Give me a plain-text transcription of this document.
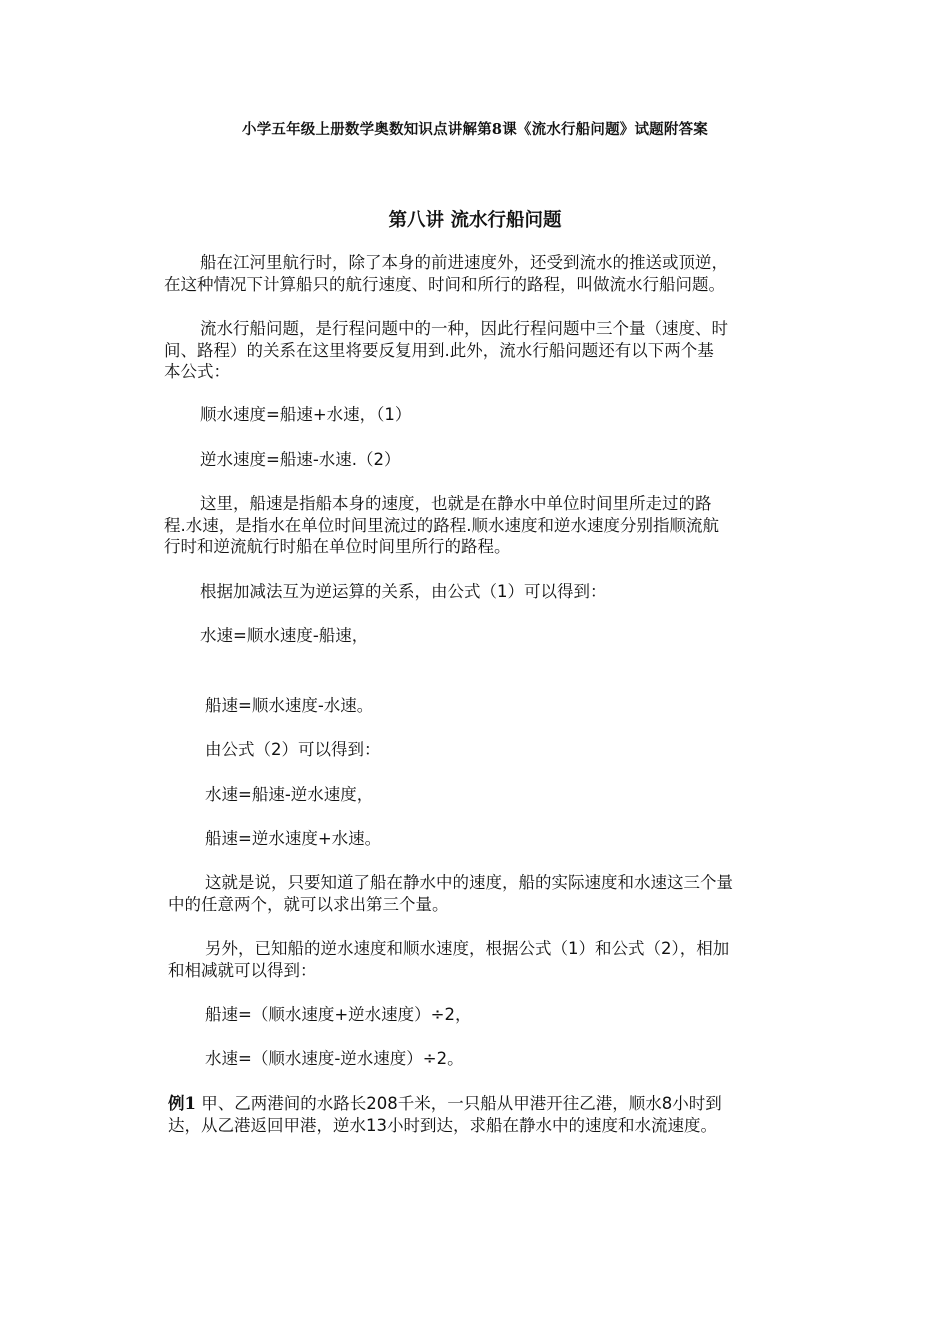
小学五年级上册数学奥数知识点讲解第8课《流水行船问题》试题附答案
第八讲 流水行船问题

船在江河里航行时，除了本身的前进速度外，还受到流水的推送或顶逆，
在这种情况下计算船只的航行速度、时间和所行的路程，叫做流水行船问题。

流水行船问题，是行程问题中的一种，因此行程问题中三个量（速度、时
间、路程）的关系在这里将要反复用到.此外，流水行船问题还有以下两个基
本公式：

顺水速度=船速+水速，（1）

逆水速度=船速-水速.（2）

这里，船速是指船本身的速度，也就是在静水中单位时间里所走过的路
程.水速，是指水在单位时间里流过的路程.顺水速度和逆水速度分别指顺流航
行时和逆流航行时船在单位时间里所行的路程。

根据加减法互为逆运算的关系，由公式（1）可以得到：

水速=顺水速度-船速，

船速=顺水速度-水速。

由公式（2）可以得到：

水速=船速-逆水速度，

船速=逆水速度+水速。

这就是说，只要知道了船在静水中的速度，船的实际速度和水速这三个量
中的任意两个，就可以求出第三个量。

另外，已知船的逆水速度和顺水速度，根据公式（1）和公式（2），相加
和相减就可以得到：

船速=（顺水速度+逆水速度）÷2，

水速=（顺水速度-逆水速度）÷2。

例1 甲、乙两港间的水路长208千米，一只船从甲港开往乙港，顺水8小时到
达，从乙港返回甲港，逆水13小时到达，求船在静水中的速度和水流速度。
